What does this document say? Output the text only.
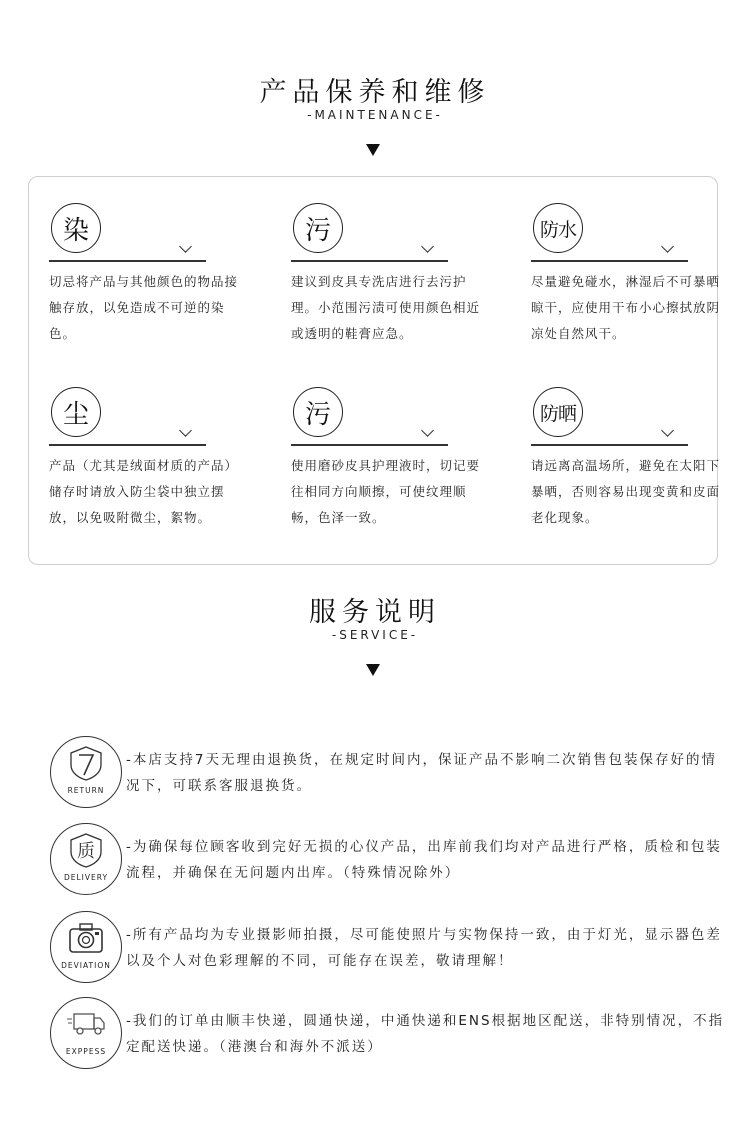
产品保养和维修
-MAINTENANCE-
染
切忌将产品与其他颜色的物品接触存放，以免造成不可逆的染色。
污
建议到皮具专洗店进行去污护理。小范围污渍可使用颜色相近或透明的鞋膏应急。
防水
尽量避免碰水，淋湿后不可暴晒晾干，应使用干布小心擦拭放阴凉处自然风干。
尘
产品（尤其是绒面材质的产品）储存时请放入防尘袋中独立摆放，以免吸附微尘，絮物。
污
使用磨砂皮具护理液时，切记要往相同方向顺擦，可使纹理顺畅，色泽一致。
防晒
请远离高温场所，避免在太阳下暴晒，否则容易出现变黄和皮面老化现象。
服务说明
-SERVICE-
RETURN
-本店支持7天无理由退换货，在规定时间内，保证产品不影响二次销售包装保存好的情况下，可联系客服退换货。
质
DELIVERY
-为确保每位顾客收到完好无损的心仪产品，出库前我们均对产品进行严格，质检和包装流程，并确保在无问题内出库。（特殊情况除外）
DEVIATION
-所有产品均为专业摄影师拍摄，尽可能使照片与实物保持一致，由于灯光，显示器色差以及个人对色彩理解的不同，可能存在误差，敬请理解！
EXPPESS
-我们的订单由顺丰快递，圆通快递，中通快递和ENS根据地区配送，非特别情况，不指定配送快递。（港澳台和海外不派送）
